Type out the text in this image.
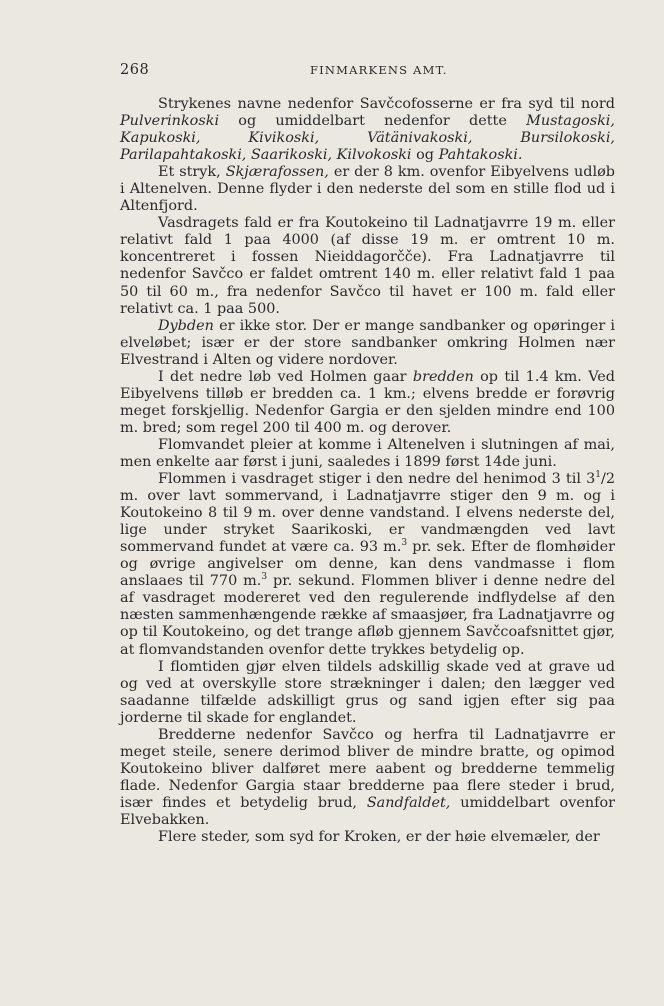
268	FINMARKENS AMT.

Strykenes navne nedenfor Savčcofosserne er fra syd til nord Pulverinkoski og umiddelbart nedenfor dette Mustagoski, Kapukoski, Kivikoski, Vätänivakoski, Bursilokoski, Parilapahtakoski, Saarikoski, Kilvokoski og Pahtakoski.

Et stryk, Skjærafossen, er der 8 km. ovenfor Eibyelvens udløb i Altenelven. Denne flyder i den nederste del som en stille flod ud i Altenfjord.

Vasdragets fald er fra Koutokeino til Ladnatjavrre 19 m. eller relativt fald 1 paa 4000 (af disse 19 m. er omtrent 10 m. koncentreret i fossen Nieiddagorčče). Fra Ladnatjavrre til nedenfor Savčco er faldet omtrent 140 m. eller relativt fald 1 paa 50 til 60 m., fra nedenfor Savčco til havet er 100 m. fald eller relativt ca. 1 paa 500.

Dybden er ikke stor. Der er mange sandbanker og opøringer i elveløbet; især er der store sandbanker omkring Holmen nær Elvestrand i Alten og videre nordover.

I det nedre løb ved Holmen gaar bredden op til 1.4 km. Ved Eibyelvens tilløb er bredden ca. 1 km.; elvens bredde er forøvrig meget forskjellig. Nedenfor Gargia er den sjelden mindre end 100 m. bred; som regel 200 til 400 m. og derover.

Flomvandet pleier at komme i Altenelven i slutningen af mai, men enkelte aar først i juni, saaledes i 1899 først 14de juni.

Flommen i vasdraget stiger i den nedre del henimod 3 til $3^1/2$ m. over lavt sommervand, i Ladnatjavrre stiger den 9 m. og i Koutokeino 8 til 9 m. over denne vandstand. I elvens nederste del, lige under stryket Saarikoski, er vandmængden ved lavt sommervand fundet at være ca. 93 m.$^3$ pr. sek. Efter de flomhøider og øvrige angivelser om denne, kan dens vandmasse i flom anslaaes til 770 m.$^3$ pr. sekund. Flommen bliver i denne nedre del af vasdraget modereret ved den regulerende indflydelse af den næsten sammenhængende række af smaasjøer, fra Ladnatjavrre og op til Koutokeino, og det trange afløb gjennem Savčcoafsnittet gjør, at flomvandstanden ovenfor dette trykkes betydelig op.

I flomtiden gjør elven tildels adskillig skade ved at grave ud og ved at overskylle store strækninger i dalen; den lægger ved saadanne tilfælde adskilligt grus og sand igjen efter sig paa jorderne til skade for englandet.

Bredderne nedenfor Savčco og herfra til Ladnatjavrre er meget steile, senere derimod bliver de mindre bratte, og opimod Koutokeino bliver dalføret mere aabent og bredderne temmelig flade. Nedenfor Gargia staar bredderne paa flere steder i brud, især findes et betydelig brud, Sandfaldet, umiddelbart ovenfor Elvebakken.

Flere steder, som syd for Kroken, er der høie elvemæler, der
